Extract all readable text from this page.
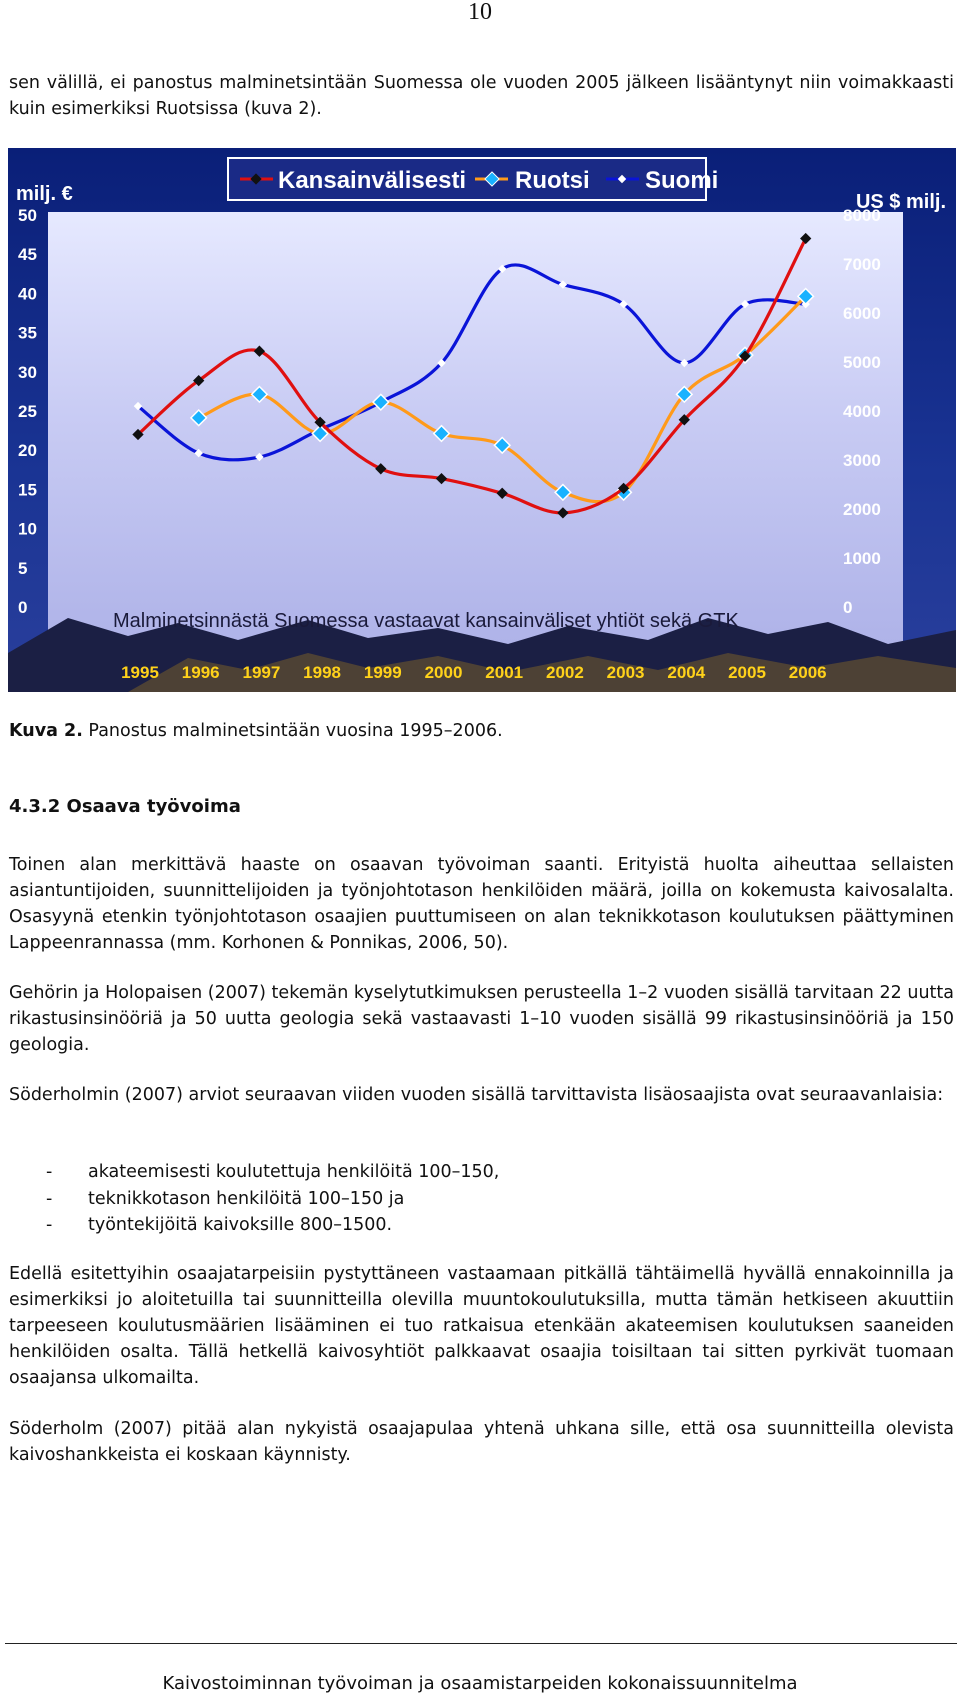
10
sen välillä, ei panostus malminetsintään Suomessa ole vuoden 2005 jälkeen lisääntynyt niin voimakkaasti kuin esimerkiksi Ruotsissa (kuva 2).
Kansainvälisesti Ruotsi Suomi
milj. €	US $ milj.
0
5
10
15
20
25
30
35
40
45
50
0
1000
2000
3000
4000
5000
6000
7000
8000
1995 1996 1997 1998 1999 2000 2001 2002 2003 2004 2005 2006
Malminetsinnästä Suomessa vastaavat kansainväliset yhtiöt sekä GTK
Kuva 2. Panostus malminetsintään vuosina 1995–2006.
4.3.2 Osaava työvoima
Toinen alan merkittävä haaste on osaavan työvoiman saanti. Erityistä huolta aiheuttaa sellaisten asiantuntijoiden, suunnittelijoiden ja työnjohtotason henkilöiden määrä, joilla on kokemusta kaivosalalta. Osasyynä etenkin työnjohtotason osaajien puuttumiseen on alan teknikkotason koulutuksen päättyminen Lappeenrannassa (mm. Korhonen & Ponnikas, 2006, 50).
Gehörin ja Holopaisen (2007) tekemän kyselytutkimuksen perusteella 1–2 vuoden sisällä tarvitaan 22 uutta rikastusinsinööriä ja 50 uutta geologia sekä vastaavasti 1–10 vuoden sisällä 99 rikastusinsinööriä ja 150 geologia.
Söderholmin (2007) arviot seuraavan viiden vuoden sisällä tarvittavista lisäosaajista ovat seuraavanlaisia:
- akateemisesti koulutettuja henkilöitä 100–150,
- teknikkotason henkilöitä 100–150 ja
- työntekijöitä kaivoksille 800–1500.
Edellä esitettyihin osaajatarpeisiin pystyttäneen vastaamaan pitkällä tähtäimellä hyvällä ennakoinnilla ja esimerkiksi jo aloitetuilla tai suunnitteilla olevilla muuntokoulutuksilla, mutta tämän hetkiseen akuuttiin tarpeeseen koulutusmäärien lisääminen ei tuo ratkaisua etenkään akateemisen koulutuksen saaneiden henkilöiden osalta. Tällä hetkellä kaivosyhtiöt palkkaavat osaajia toisiltaan tai sitten pyrkivät tuomaan osaajansa ulkomailta.
Söderholm (2007) pitää alan nykyistä osaajapulaa yhtenä uhkana sille, että osa suunnitteilla olevista kaivoshankkeista ei koskaan käynnisty.
Kaivostoiminnan työvoiman ja osaamistarpeiden kokonaissuunnitelma
